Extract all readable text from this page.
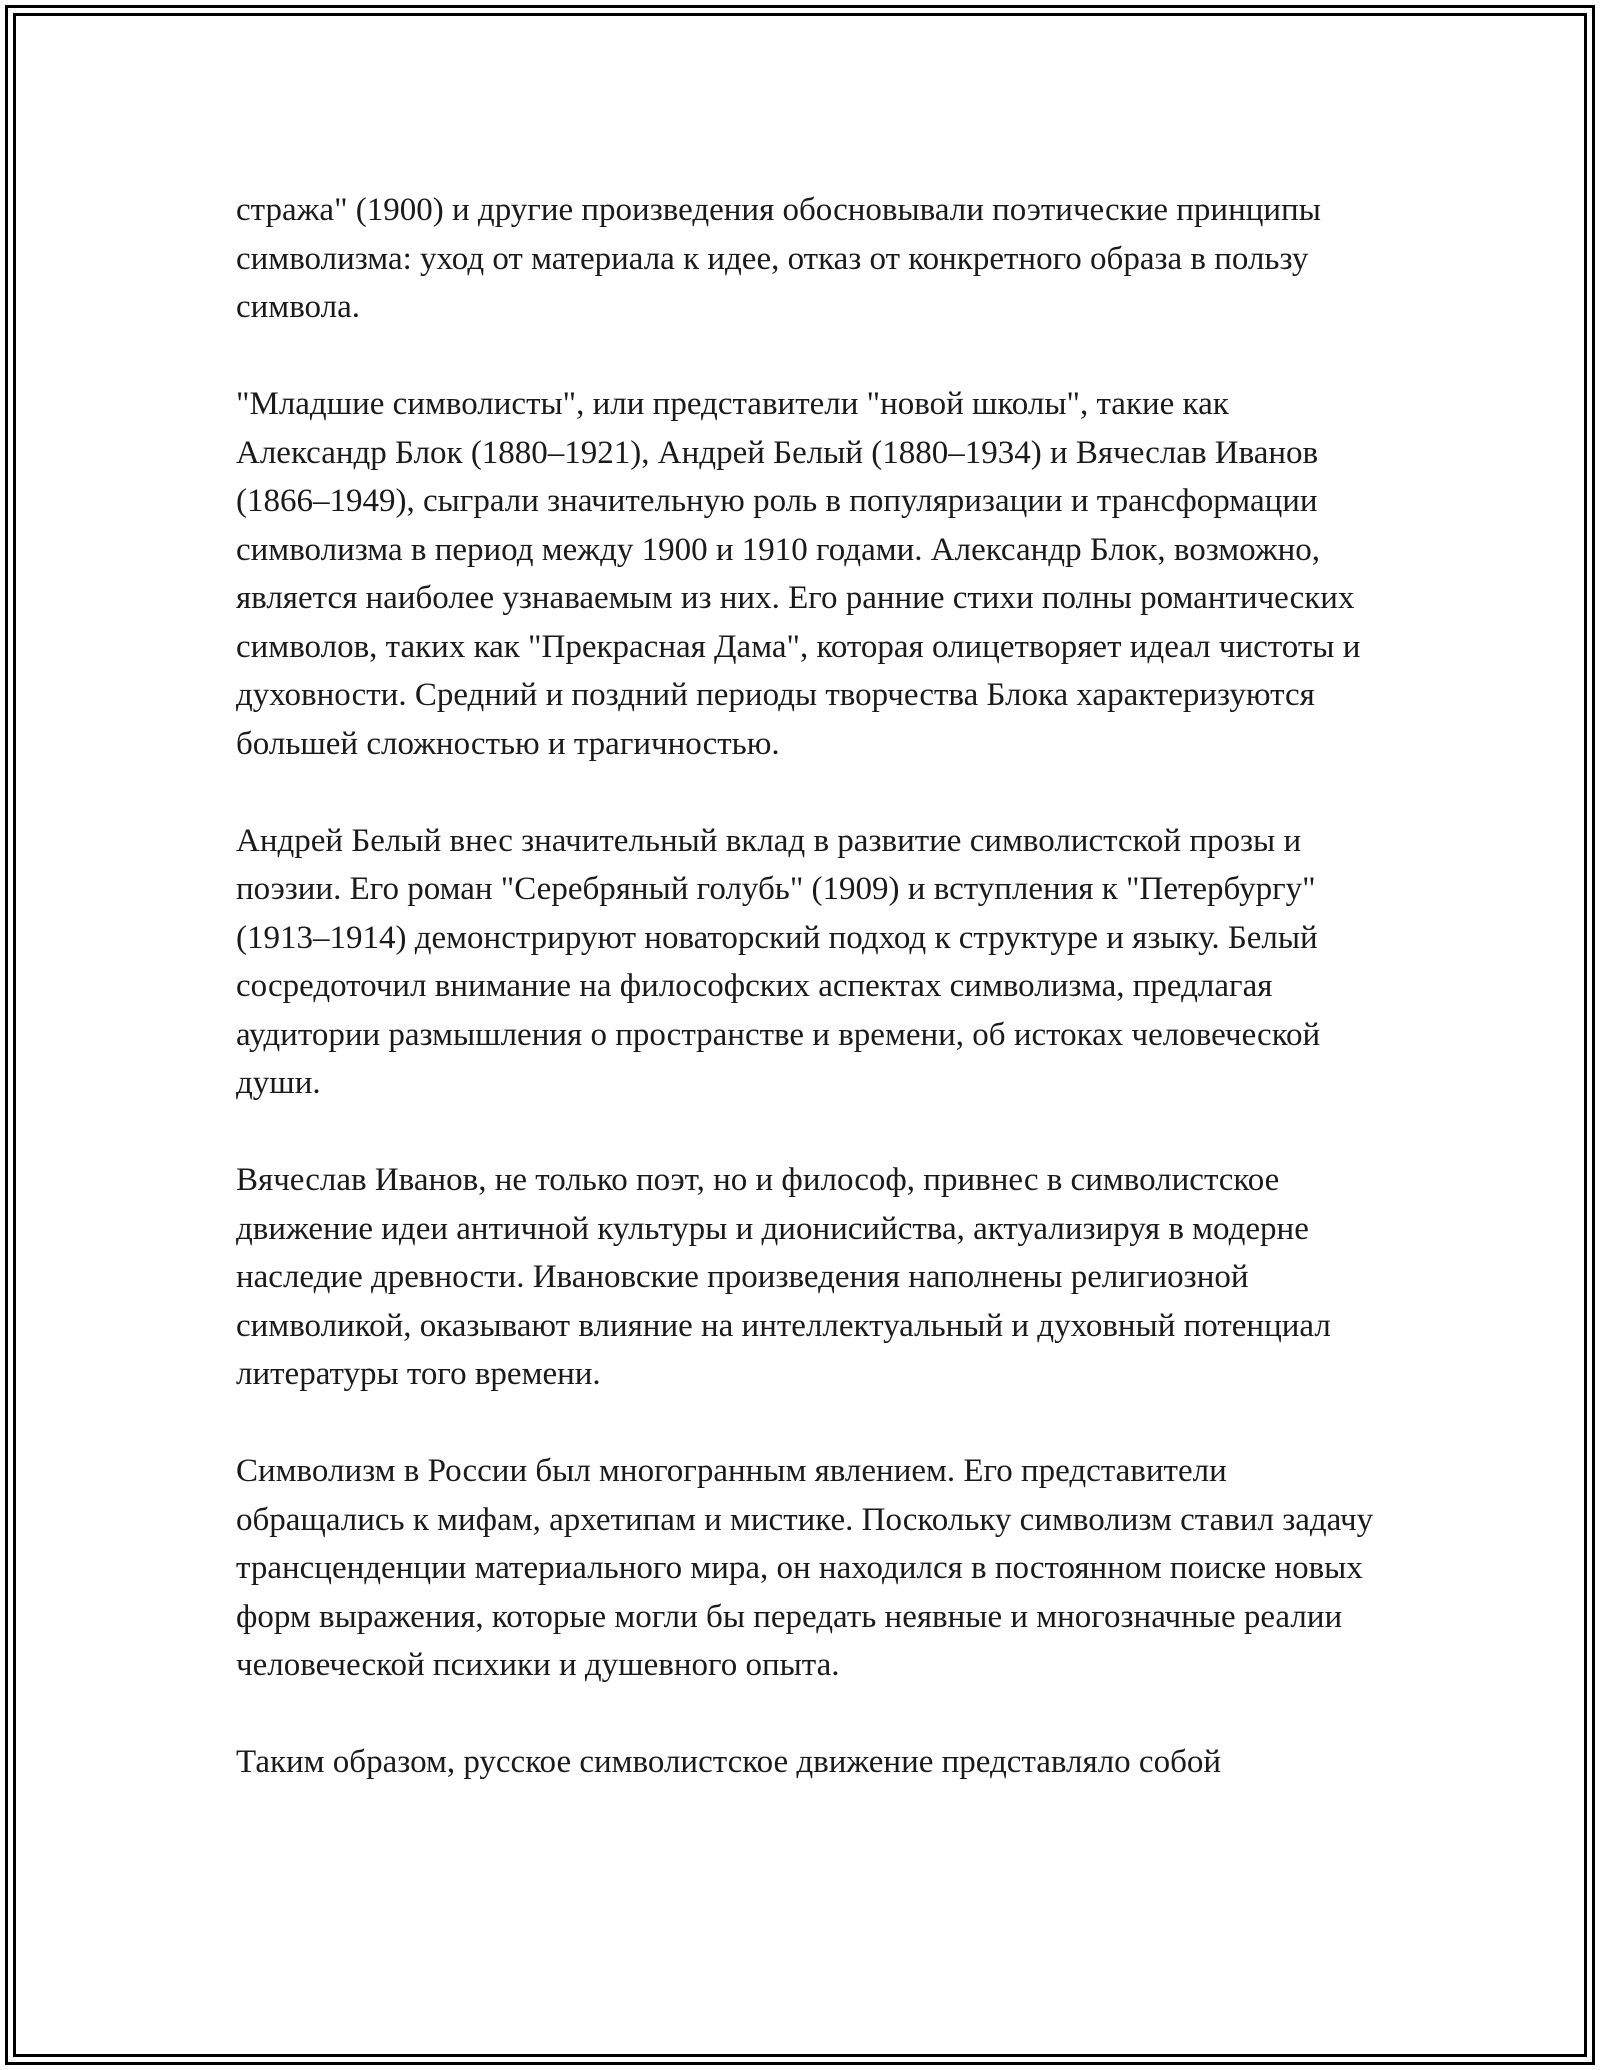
стража" (1900) и другие произведения обосновывали поэтические принципы символизма: уход от материала к идее, отказ от конкретного образа в пользу символа.

"Младшие символисты", или представители "новой школы", такие как Александр Блок (1880–1921), Андрей Белый (1880–1934) и Вячеслав Иванов (1866–1949), сыграли значительную роль в популяризации и трансформации символизма в период между 1900 и 1910 годами. Александр Блок, возможно, является наиболее узнаваемым из них. Его ранние стихи полны романтических символов, таких как "Прекрасная Дама", которая олицетворяет идеал чистоты и духовности. Средний и поздний периоды творчества Блока характеризуются большей сложностью и трагичностью.

Андрей Белый внес значительный вклад в развитие символистской прозы и поэзии. Его роман "Серебряный голубь" (1909) и вступления к "Петербургу" (1913–1914) демонстрируют новаторский подход к структуре и языку. Белый сосредоточил внимание на философских аспектах символизма, предлагая аудитории размышления о пространстве и времени, об истоках человеческой души.

Вячеслав Иванов, не только поэт, но и философ, привнес в символистское движение идеи античной культуры и дионисийства, актуализируя в модерне наследие древности. Ивановские произведения наполнены религиозной символикой, оказывают влияние на интеллектуальный и духовный потенциал литературы того времени.

Символизм в России был многогранным явлением. Его представители обращались к мифам, архетипам и мистике. Поскольку символизм ставил задачу трансценденции материального мира, он находился в постоянном поиске новых форм выражения, которые могли бы передать неявные и многозначные реалии человеческой психики и душевного опыта.

Таким образом, русское символистское движение представляло собой
